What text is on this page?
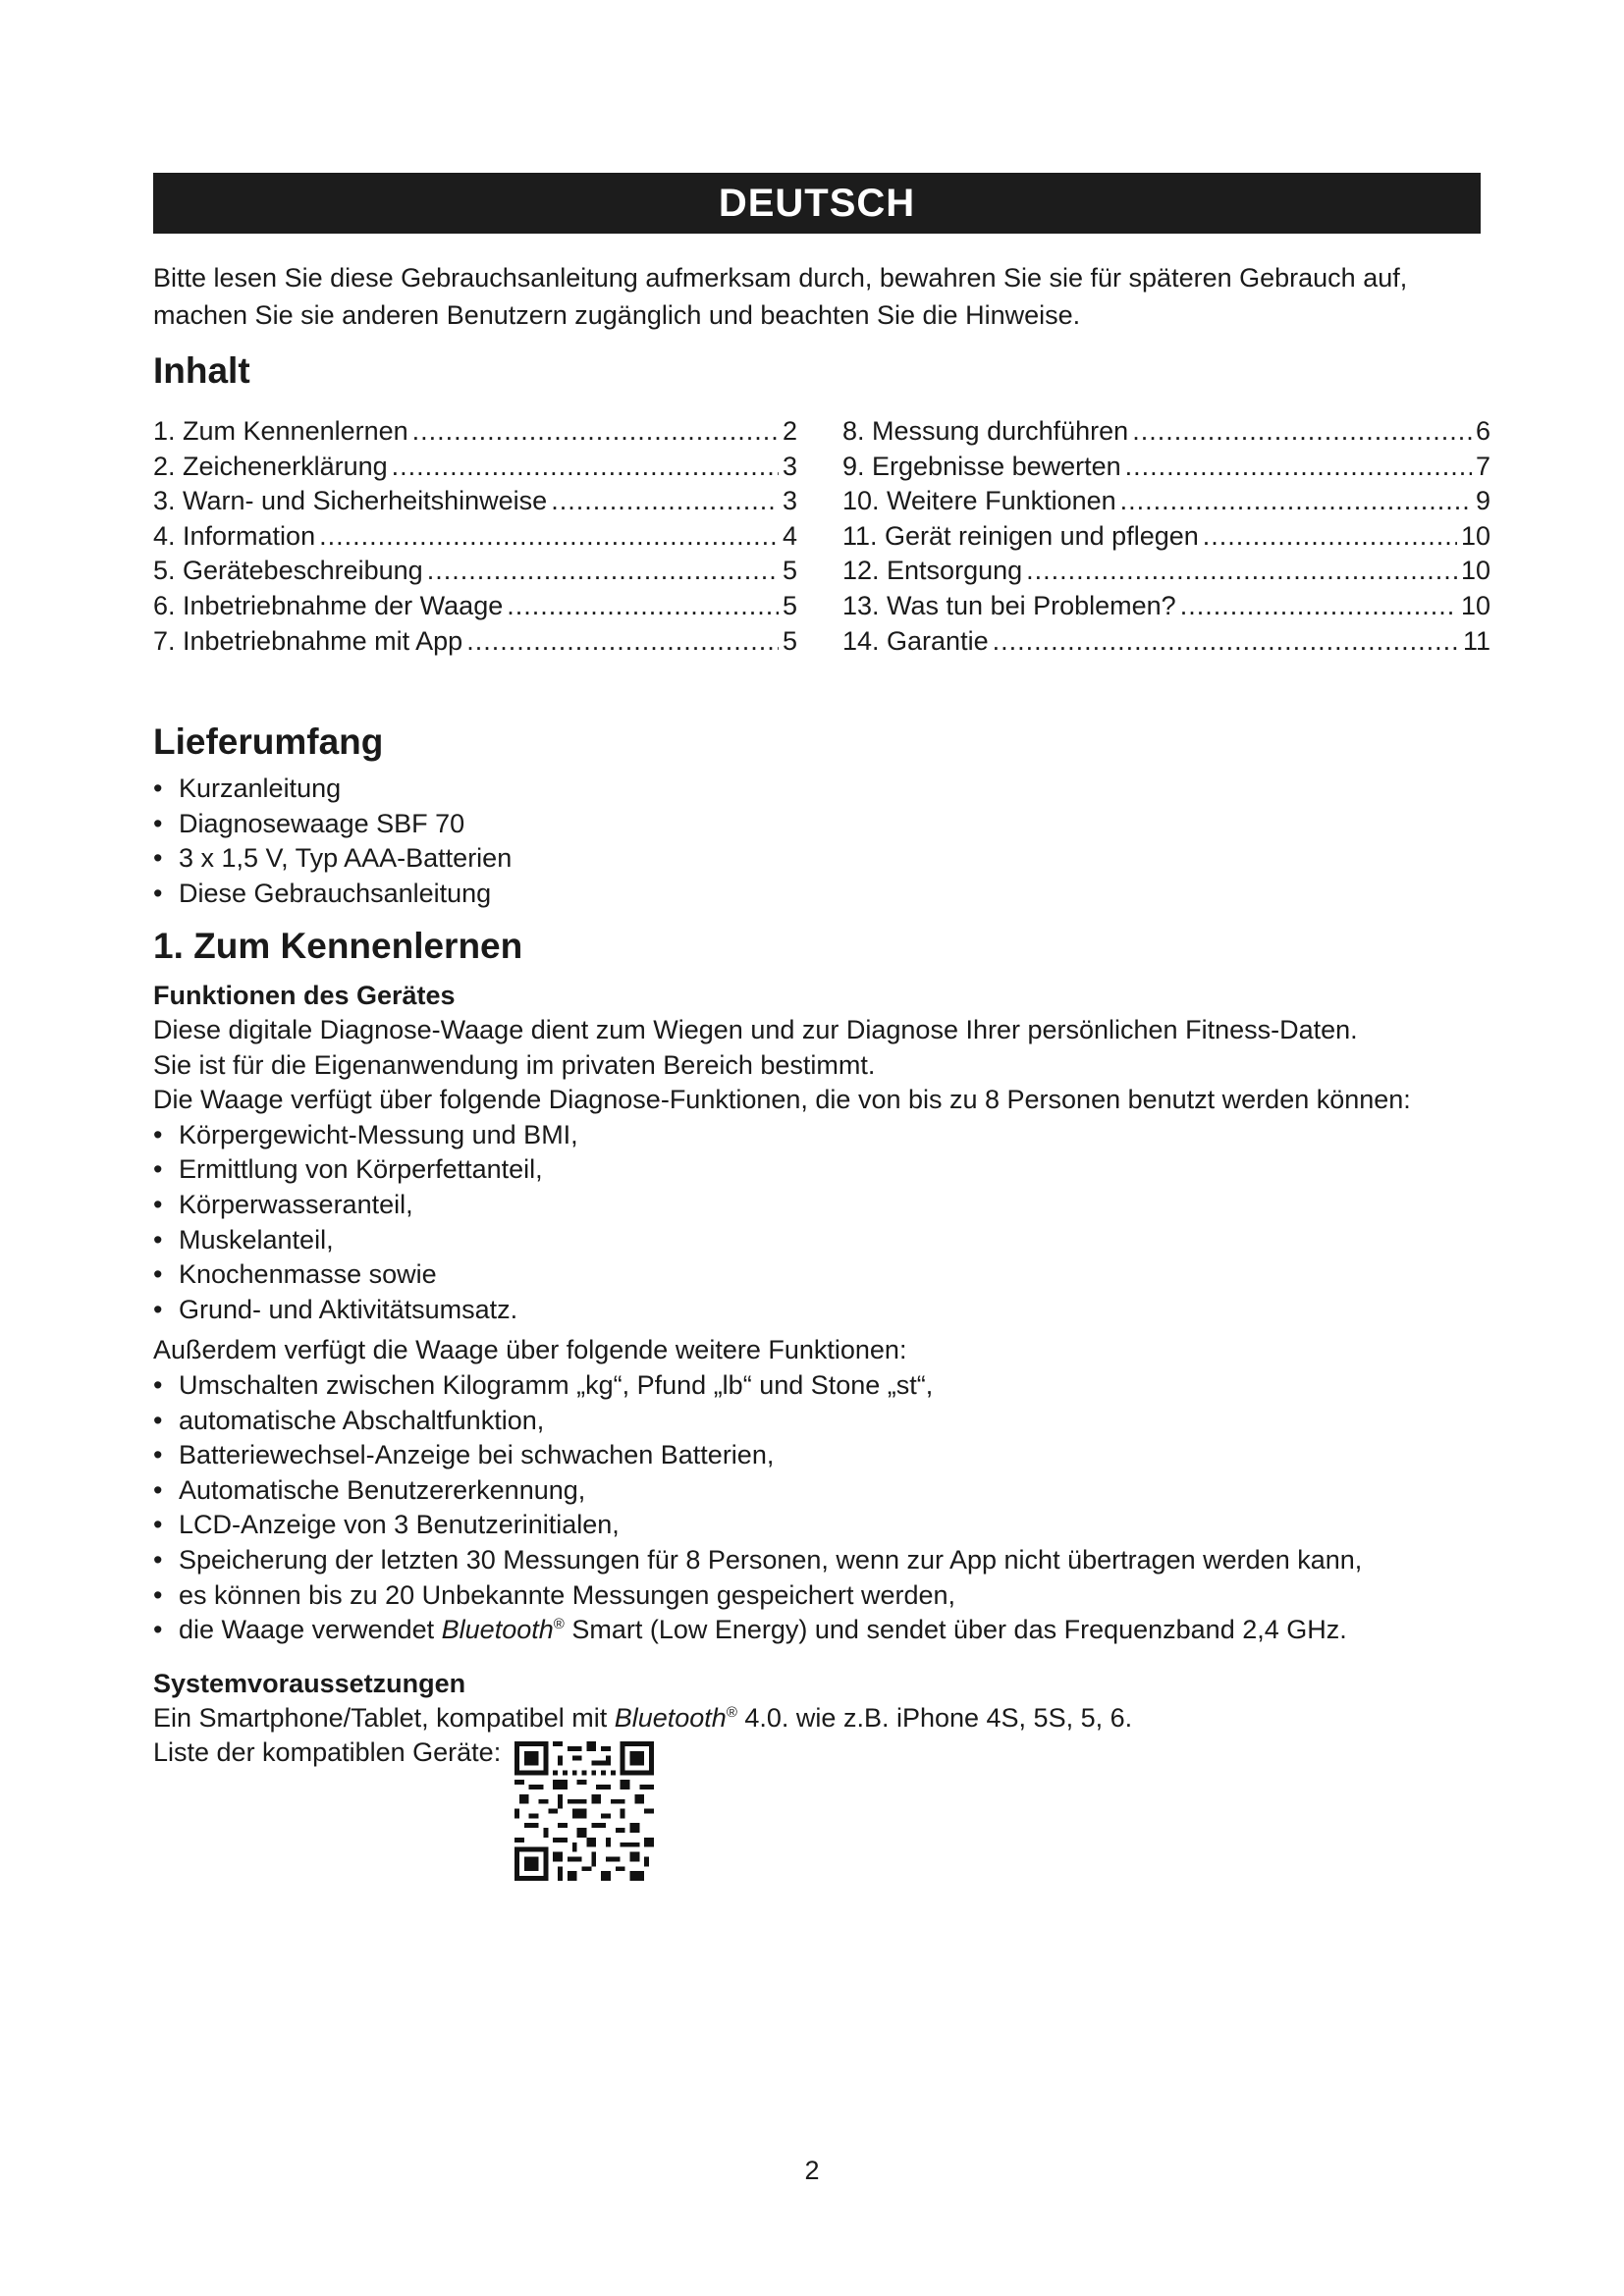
DEUTSCH

Bitte lesen Sie diese Gebrauchsanleitung aufmerksam durch, bewahren Sie sie für späteren Gebrauch auf,

machen Sie sie anderen Benutzern zugänglich und beachten Sie die Hinweise.

Inhalt
1. Zum Kennenlernen .....	2
2. Zeichenerklärung .....	3
3. Warn- und Sicherheitshinweise .....	3
4. Information .....	4
5. Gerätebeschreibung .....	5
6. Inbetriebnahme der Waage .....	5
7. Inbetriebnahme mit App .....	5
8. Messung durchführen .....	6
9. Ergebnisse bewerten .....	7
10. Weitere Funktionen .....	9
11. Gerät reinigen und pflegen .....	10
12. Entsorgung .....	10
13. Was tun bei Problemen? .....	10
14. Garantie .....	11
Lieferumfang
• Kurzanleitung
• Diagnosewaage SBF 70
• 3 x 1,5 V, Typ AAA-Batterien
• Diese Gebrauchsanleitung
1. Zum Kennenlernen

Funktionen des Gerätes

Diese digitale Diagnose-Waage dient zum Wiegen und zur Diagnose Ihrer persönlichen Fitness-Daten.

Sie ist für die Eigenanwendung im privaten Bereich bestimmt.

Die Waage verfügt über folgende Diagnose-Funktionen, die von bis zu 8 Personen benutzt werden können:

• Körpergewicht-Messung und BMI,
• Ermittlung von Körperfettanteil,
• Körperwasseranteil,
• Muskelanteil,
• Knochenmasse sowie
• Grund- und Aktivitätsumsatz.

Außerdem verfügt die Waage über folgende weitere Funktionen:

• Umschalten zwischen Kilogramm „kg“, Pfund „lb“ und Stone „st“,
• automatische Abschaltfunktion,
• Batteriewechsel-Anzeige bei schwachen Batterien,
• Automatische Benutzererkennung,
• LCD-Anzeige von 3 Benutzerinitialen,
• Speicherung der letzten 30 Messungen für 8 Personen, wenn zur App nicht übertragen werden kann,
• es können bis zu 20 Unbekannte Messungen gespeichert werden,
• die Waage verwendet Bluetooth® Smart (Low Energy) und sendet über das Frequenzband 2,4 GHz.

Systemvoraussetzungen

Ein Smartphone/Tablet, kompatibel mit Bluetooth® 4.0. wie z.B. iPhone 4S, 5S, 5, 6.

Liste der kompatiblen Geräte:
2
